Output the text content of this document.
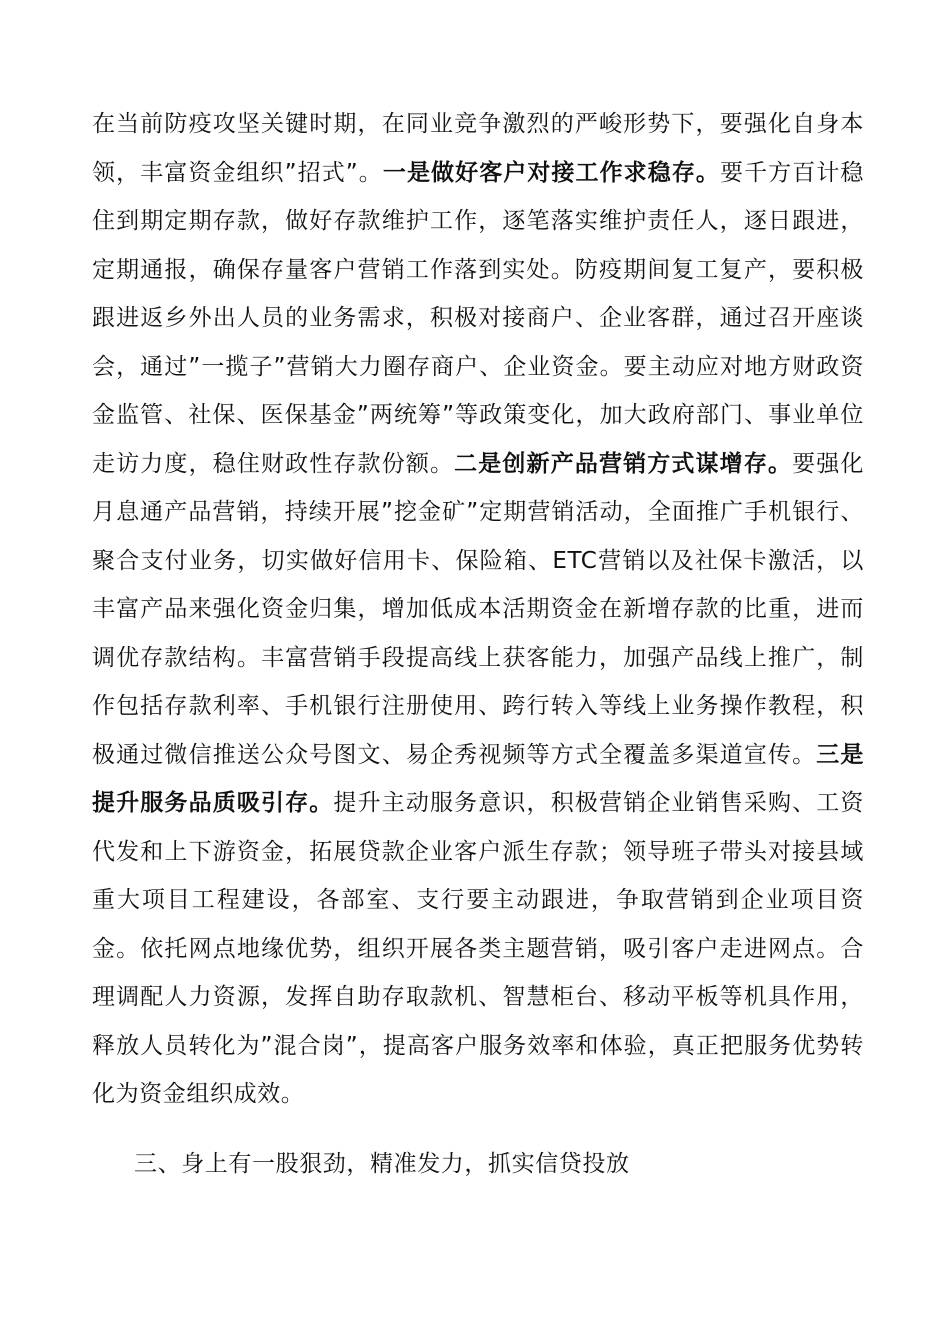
在当前防疫攻坚关键时期，在同业竞争激烈的严峻形势下，要强化自身本领，丰富资金组织”招式”。一是做好客户对接工作求稳存。要千方百计稳住到期定期存款，做好存款维护工作，逐笔落实维护责任人，逐日跟进，定期通报，确保存量客户营销工作落到实处。防疫期间复工复产，要积极跟进返乡外出人员的业务需求，积极对接商户、企业客群，通过召开座谈会，通过”一揽子”营销大力圈存商户、企业资金。要主动应对地方财政资金监管、社保、医保基金”两统筹”等政策变化，加大政府部门、事业单位走访力度，稳住财政性存款份额。二是创新产品营销方式谋增存。要强化月息通产品营销，持续开展”挖金矿”定期营销活动，全面推广手机银行、聚合支付业务，切实做好信用卡、保险箱、ETC营销以及社保卡激活，以丰富产品来强化资金归集，增加低成本活期资金在新增存款的比重，进而调优存款结构。丰富营销手段提高线上获客能力，加强产品线上推广，制作包括存款利率、手机银行注册使用、跨行转入等线上业务操作教程，积极通过微信推送公众号图文、易企秀视频等方式全覆盖多渠道宣传。三是提升服务品质吸引存。提升主动服务意识，积极营销企业销售采购、工资代发和上下游资金，拓展贷款企业客户派生存款；领导班子带头对接县域重大项目工程建设，各部室、支行要主动跟进，争取营销到企业项目资金。依托网点地缘优势，组织开展各类主题营销，吸引客户走进网点。合理调配人力资源，发挥自助存取款机、智慧柜台、移动平板等机具作用，释放人员转化为”混合岗”，提高客户服务效率和体验，真正把服务优势转化为资金组织成效。

三、身上有一股狠劲，精准发力，抓实信贷投放
